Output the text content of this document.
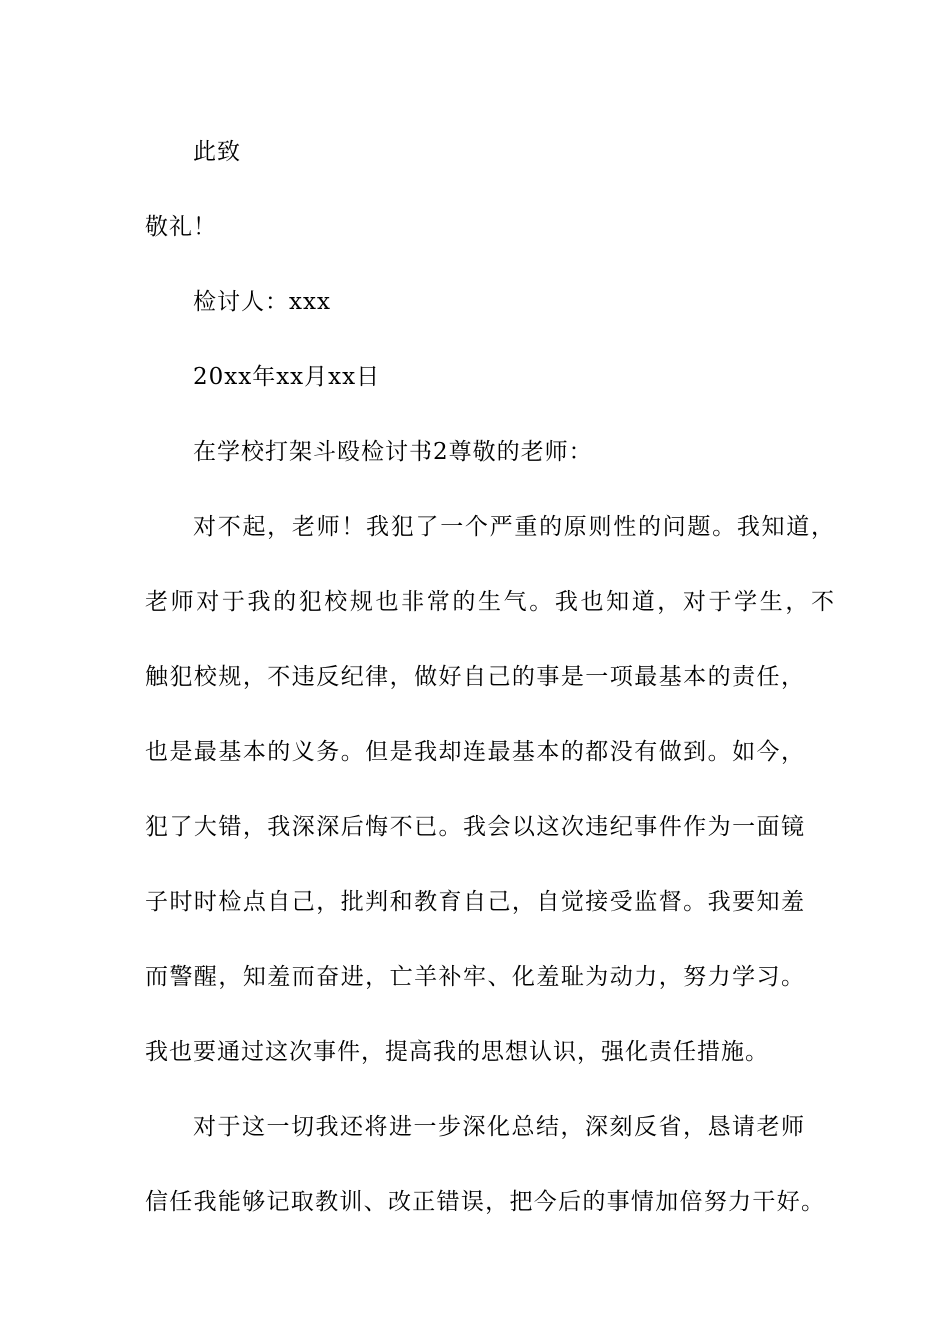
此致
敬礼！
检讨人：xxx
20xx年xx月xx日
在学校打架斗殴检讨书2尊敬的老师：
对不起，老师！我犯了一个严重的原则性的问题。我知道，
老师对于我的犯校规也非常的生气。我也知道，对于学生，不
触犯校规，不违反纪律，做好自己的事是一项最基本的责任，
也是最基本的义务。但是我却连最基本的都没有做到。如今，
犯了大错，我深深后悔不已。我会以这次违纪事件作为一面镜
子时时检点自己，批判和教育自己，自觉接受监督。我要知羞
而警醒，知羞而奋进，亡羊补牢、化羞耻为动力，努力学习。
我也要通过这次事件，提高我的思想认识，强化责任措施。
对于这一切我还将进一步深化总结，深刻反省，恳请老师
信任我能够记取教训、改正错误，把今后的事情加倍努力干好。
